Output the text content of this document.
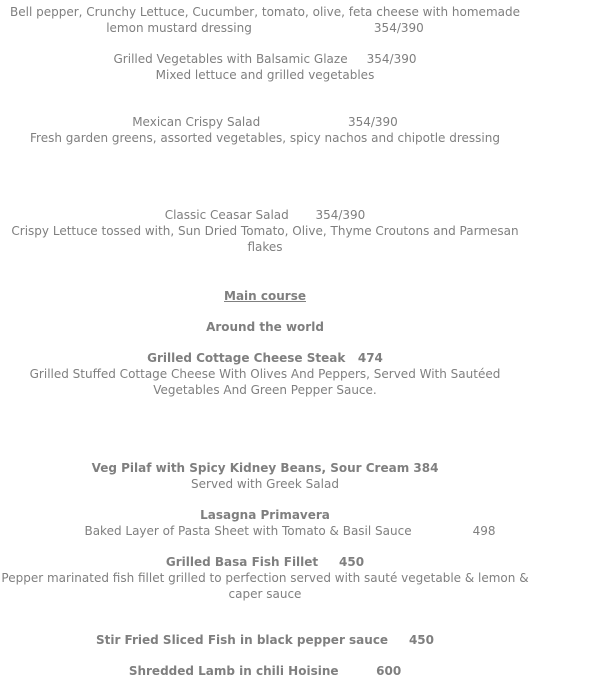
Bell pepper, Crunchy Lettuce, Cucumber, tomato, olive, feta cheese with homemade
lemon mustard dressing                                354/390
Grilled Vegetables with Balsamic Glaze     354/390
Mixed lettuce and grilled vegetables
Mexican Crispy Salad                       354/390
Fresh garden greens, assorted vegetables, spicy nachos and chipotle dressing
Classic Ceasar Salad       354/390
Crispy Lettuce tossed with, Sun Dried Tomato, Olive, Thyme Croutons and Parmesan
flakes
Main course
Around the world
Grilled Cottage Cheese Steak   474
Grilled Stuffed Cottage Cheese With Olives And Peppers, Served With Sautéed
Vegetables And Green Pepper Sauce.
Veg Pilaf with Spicy Kidney Beans, Sour Cream 384
Served with Greek Salad
Lasagna Primavera
Baked Layer of Pasta Sheet with Tomato & Basil Sauce                498
Grilled Basa Fish Fillet     450
Pepper marinated fish fillet grilled to perfection served with sauté vegetable & lemon &
caper sauce
Stir Fried Sliced Fish in black pepper sauce     450
Shredded Lamb in chili Hoisine         600
